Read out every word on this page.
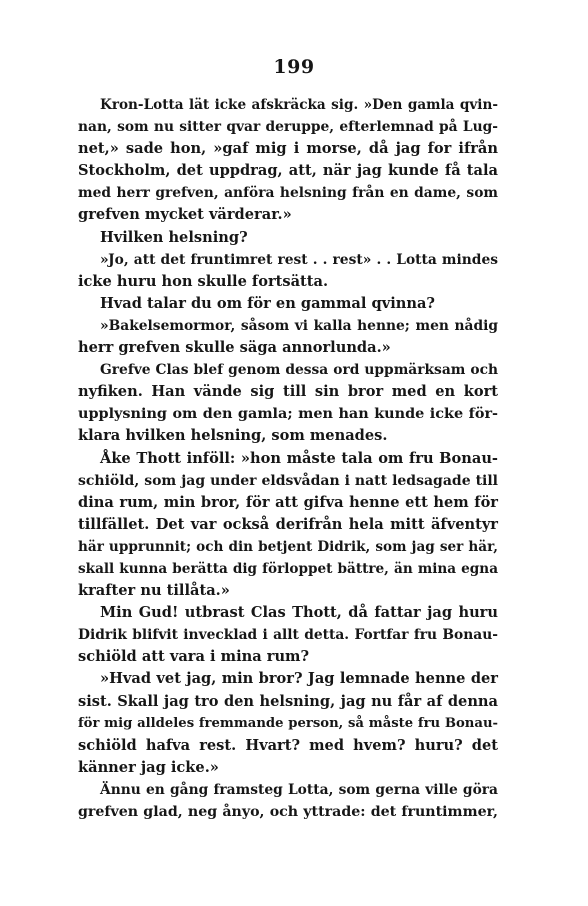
199
Kron-Lotta lät icke afskräcka sig. »Den gamla qvin-
nan, som nu sitter qvar deruppe, efterlemnad på Lug-
net,» sade hon, »gaf mig i morse, då jag for ifrån
Stockholm, det uppdrag, att, när jag kunde få tala
med herr grefven, anföra helsning från en dame, som
grefven mycket värderar.»
Hvilken helsning?
»Jo, att det fruntimret rest . . rest» . . Lotta mindes
icke huru hon skulle fortsätta.
Hvad talar du om för en gammal qvinna?
»Bakelsemormor, såsom vi kalla henne; men nådig
herr grefven skulle säga annorlunda.»
Grefve Clas blef genom dessa ord uppmärksam och
nyfiken. Han vände sig till sin bror med en kort
upplysning om den gamla; men han kunde icke för-
klara hvilken helsning, som menades.
Åke Thott inföll: »hon måste tala om fru Bonau-
schiöld, som jag under eldsvådan i natt ledsagade till
dina rum, min bror, för att gifva henne ett hem för
tillfället. Det var också derifrån hela mitt äfventyr
här upprunnit; och din betjent Didrik, som jag ser här,
skall kunna berätta dig förloppet bättre, än mina egna
krafter nu tillåta.»
Min Gud! utbrast Clas Thott, då fattar jag huru
Didrik blifvit invecklad i allt detta. Fortfar fru Bonau-
schiöld att vara i mina rum?
»Hvad vet jag, min bror? Jag lemnade henne der
sist. Skall jag tro den helsning, jag nu får af denna
för mig alldeles fremmande person, så måste fru Bonau-
schiöld hafva rest. Hvart? med hvem? huru? det
känner jag icke.»
Ännu en gång framsteg Lotta, som gerna ville göra
grefven glad, neg ånyo, och yttrade: det fruntimmer,
